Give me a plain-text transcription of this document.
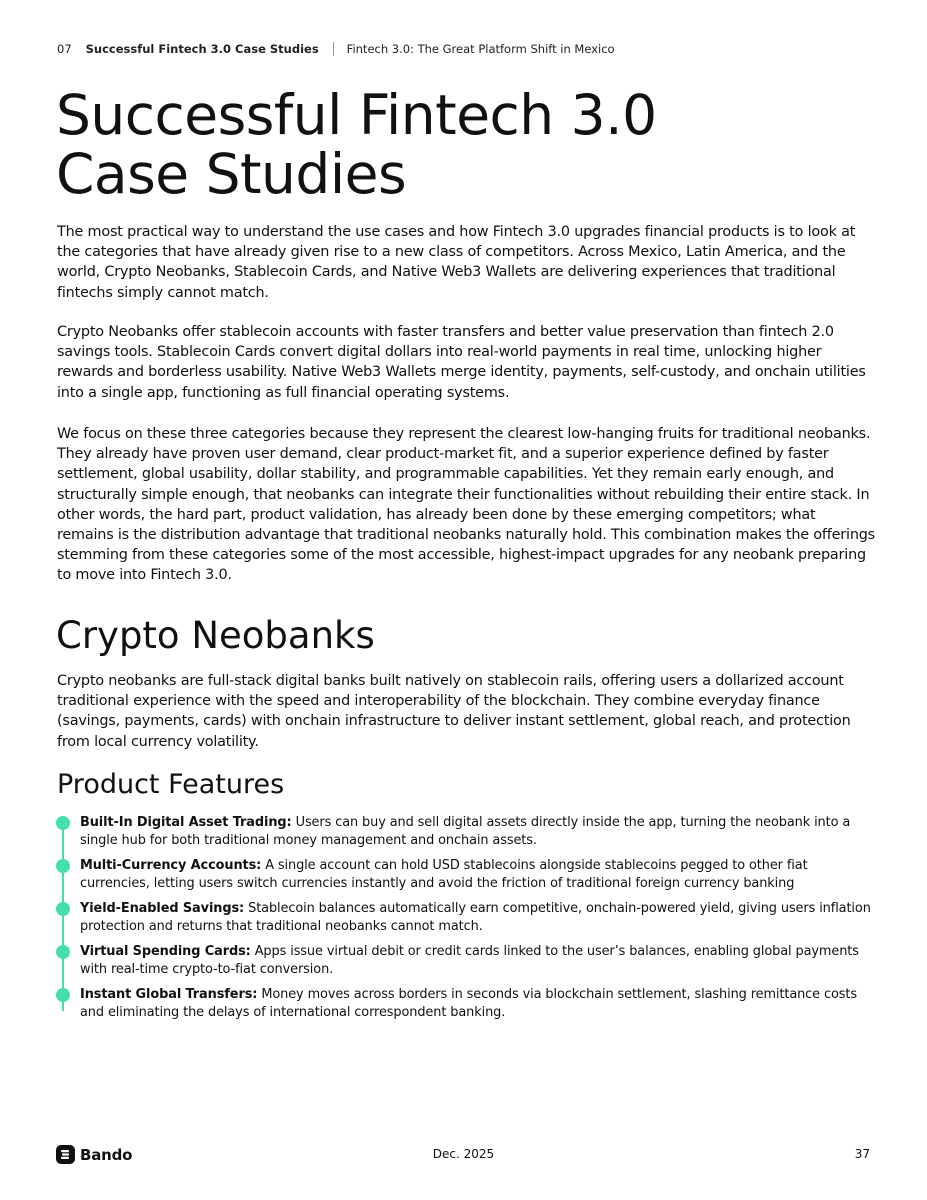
07 Successful Fintech 3.0 Case Studies Fintech 3.0: The Great Platform Shift in Mexico
Successful Fintech 3.0
Case Studies

The most practical way to understand the use cases and how Fintech 3.0 upgrades financial products is to look at the categories that have already given rise to a new class of competitors. Across Mexico, Latin America, and the world, Crypto Neobanks, Stablecoin Cards, and Native Web3 Wallets are delivering experiences that traditional fintechs simply cannot match.

Crypto Neobanks offer stablecoin accounts with faster transfers and better value preservation than fintech 2.0 savings tools. Stablecoin Cards convert digital dollars into real-world payments in real time, unlocking higher rewards and borderless usability. Native Web3 Wallets merge identity, payments, self-custody, and onchain utilities into a single app, functioning as full financial operating systems.

We focus on these three categories because they represent the clearest low-hanging fruits for traditional neobanks. They already have proven user demand, clear product-market fit, and a superior experience defined by faster settlement, global usability, dollar stability, and programmable capabilities. Yet they remain early enough, and structurally simple enough, that neobanks can integrate their functionalities without rebuilding their entire stack. In other words, the hard part, product validation, has already been done by these emerging competitors; what remains is the distribution advantage that traditional neobanks naturally hold. This combination makes the offerings stemming from these categories some of the most accessible, highest-impact upgrades for any neobank preparing to move into Fintech 3.0.

Crypto Neobanks

Crypto neobanks are full-stack digital banks built natively on stablecoin rails, offering users a dollarized account traditional experience with the speed and interoperability of the blockchain. They combine everyday finance (savings, payments, cards) with onchain infrastructure to deliver instant settlement, global reach, and protection from local currency volatility.

Product Features
Built-In Digital Asset Trading: Users can buy and sell digital assets directly inside the app, turning the neobank into a single hub for both traditional money management and onchain assets.
Multi-Currency Accounts: A single account can hold USD stablecoins alongside stablecoins pegged to other fiat currencies, letting users switch currencies instantly and avoid the friction of traditional foreign currency banking
Yield-Enabled Savings: Stablecoin balances automatically earn competitive, onchain-powered yield, giving users inflation protection and returns that traditional neobanks cannot match.
Virtual Spending Cards: Apps issue virtual debit or credit cards linked to the user’s balances, enabling global payments with real-time crypto-to-fiat conversion.
Instant Global Transfers: Money moves across borders in seconds via blockchain settlement, slashing remittance costs and eliminating the delays of international correspondent banking.
Bando	Dec. 2025	37
